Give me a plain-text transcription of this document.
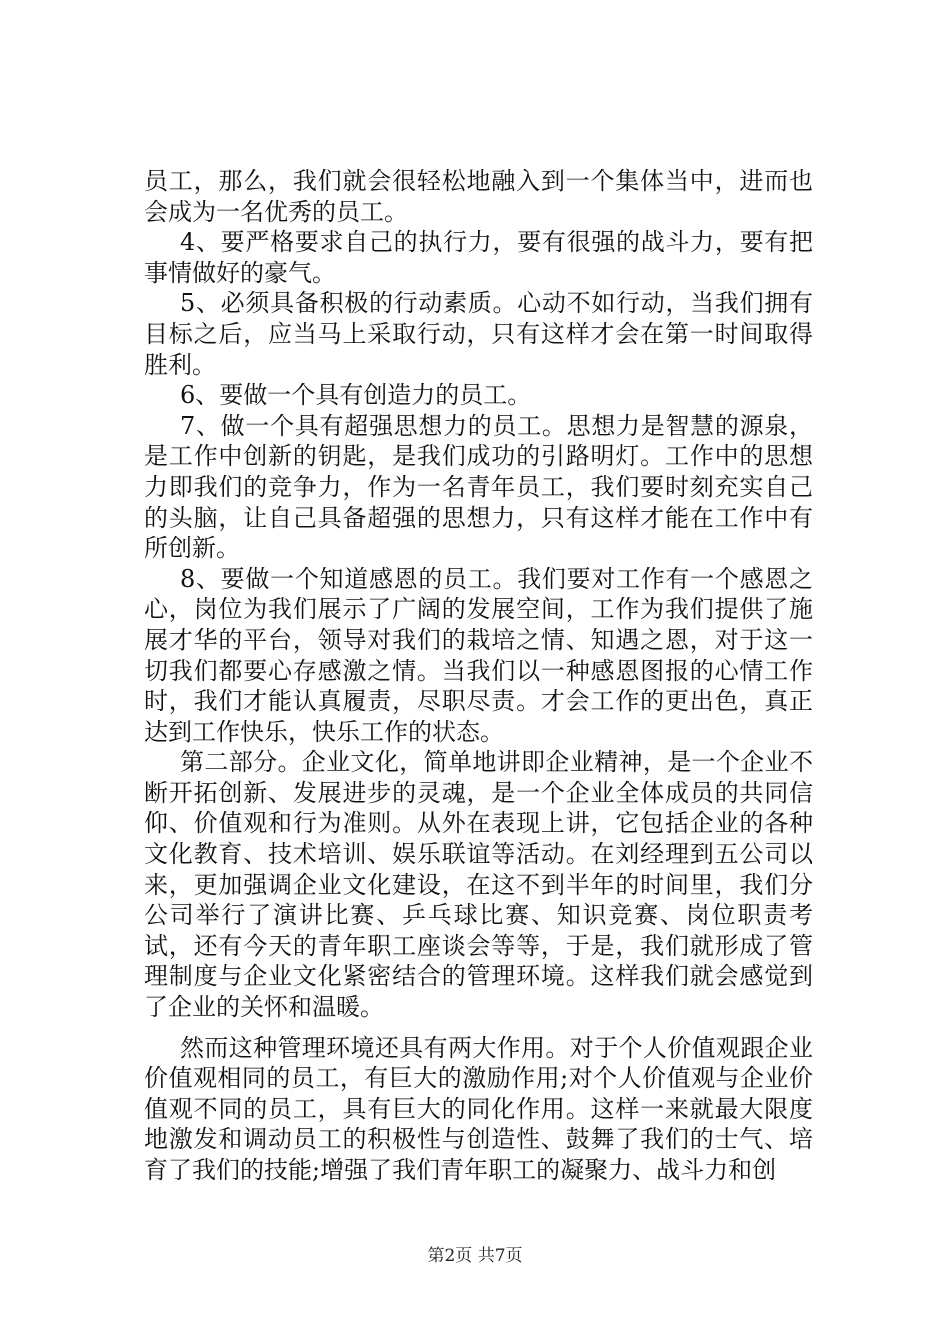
员工，那么，我们就会很轻松地融入到一个集体当中，进而也会成为一名优秀的员工。

4、要严格要求自己的执行力，要有很强的战斗力，要有把事情做好的豪气。

5、必须具备积极的行动素质。心动不如行动，当我们拥有目标之后，应当马上采取行动，只有这样才会在第一时间取得胜利。

6、要做一个具有创造力的员工。

7、做一个具有超强思想力的员工。思想力是智慧的源泉，是工作中创新的钥匙，是我们成功的引路明灯。工作中的思想力即我们的竞争力，作为一名青年员工，我们要时刻充实自己的头脑，让自己具备超强的思想力，只有这样才能在工作中有所创新。

8、要做一个知道感恩的员工。我们要对工作有一个感恩之心，岗位为我们展示了广阔的发展空间，工作为我们提供了施展才华的平台，领导对我们的栽培之情、知遇之恩，对于这一切我们都要心存感激之情。当我们以一种感恩图报的心情工作时，我们才能认真履责，尽职尽责。才会工作的更出色，真正达到工作快乐，快乐工作的状态。

第二部分。企业文化，简单地讲即企业精神，是一个企业不断开拓创新、发展进步的灵魂，是一个企业全体成员的共同信仰、价值观和行为准则。从外在表现上讲，它包括企业的各种文化教育、技术培训、娱乐联谊等活动。在刘经理到五公司以来，更加强调企业文化建设，在这不到半年的时间里，我们分公司举行了演讲比赛、乒乓球比赛、知识竞赛、岗位职责考试，还有今天的青年职工座谈会等等，于是，我们就形成了管理制度与企业文化紧密结合的管理环境。这样我们就会感觉到了企业的关怀和温暖。

然而这种管理环境还具有两大作用。对于个人价值观跟企业价值观相同的员工，有巨大的激励作用;对个人价值观与企业价值观不同的员工，具有巨大的同化作用。这样一来就最大限度地激发和调动员工的积极性与创造性、鼓舞了我们的士气、培育了我们的技能;增强了我们青年职工的凝聚力、战斗力和创

第2页 共7页
